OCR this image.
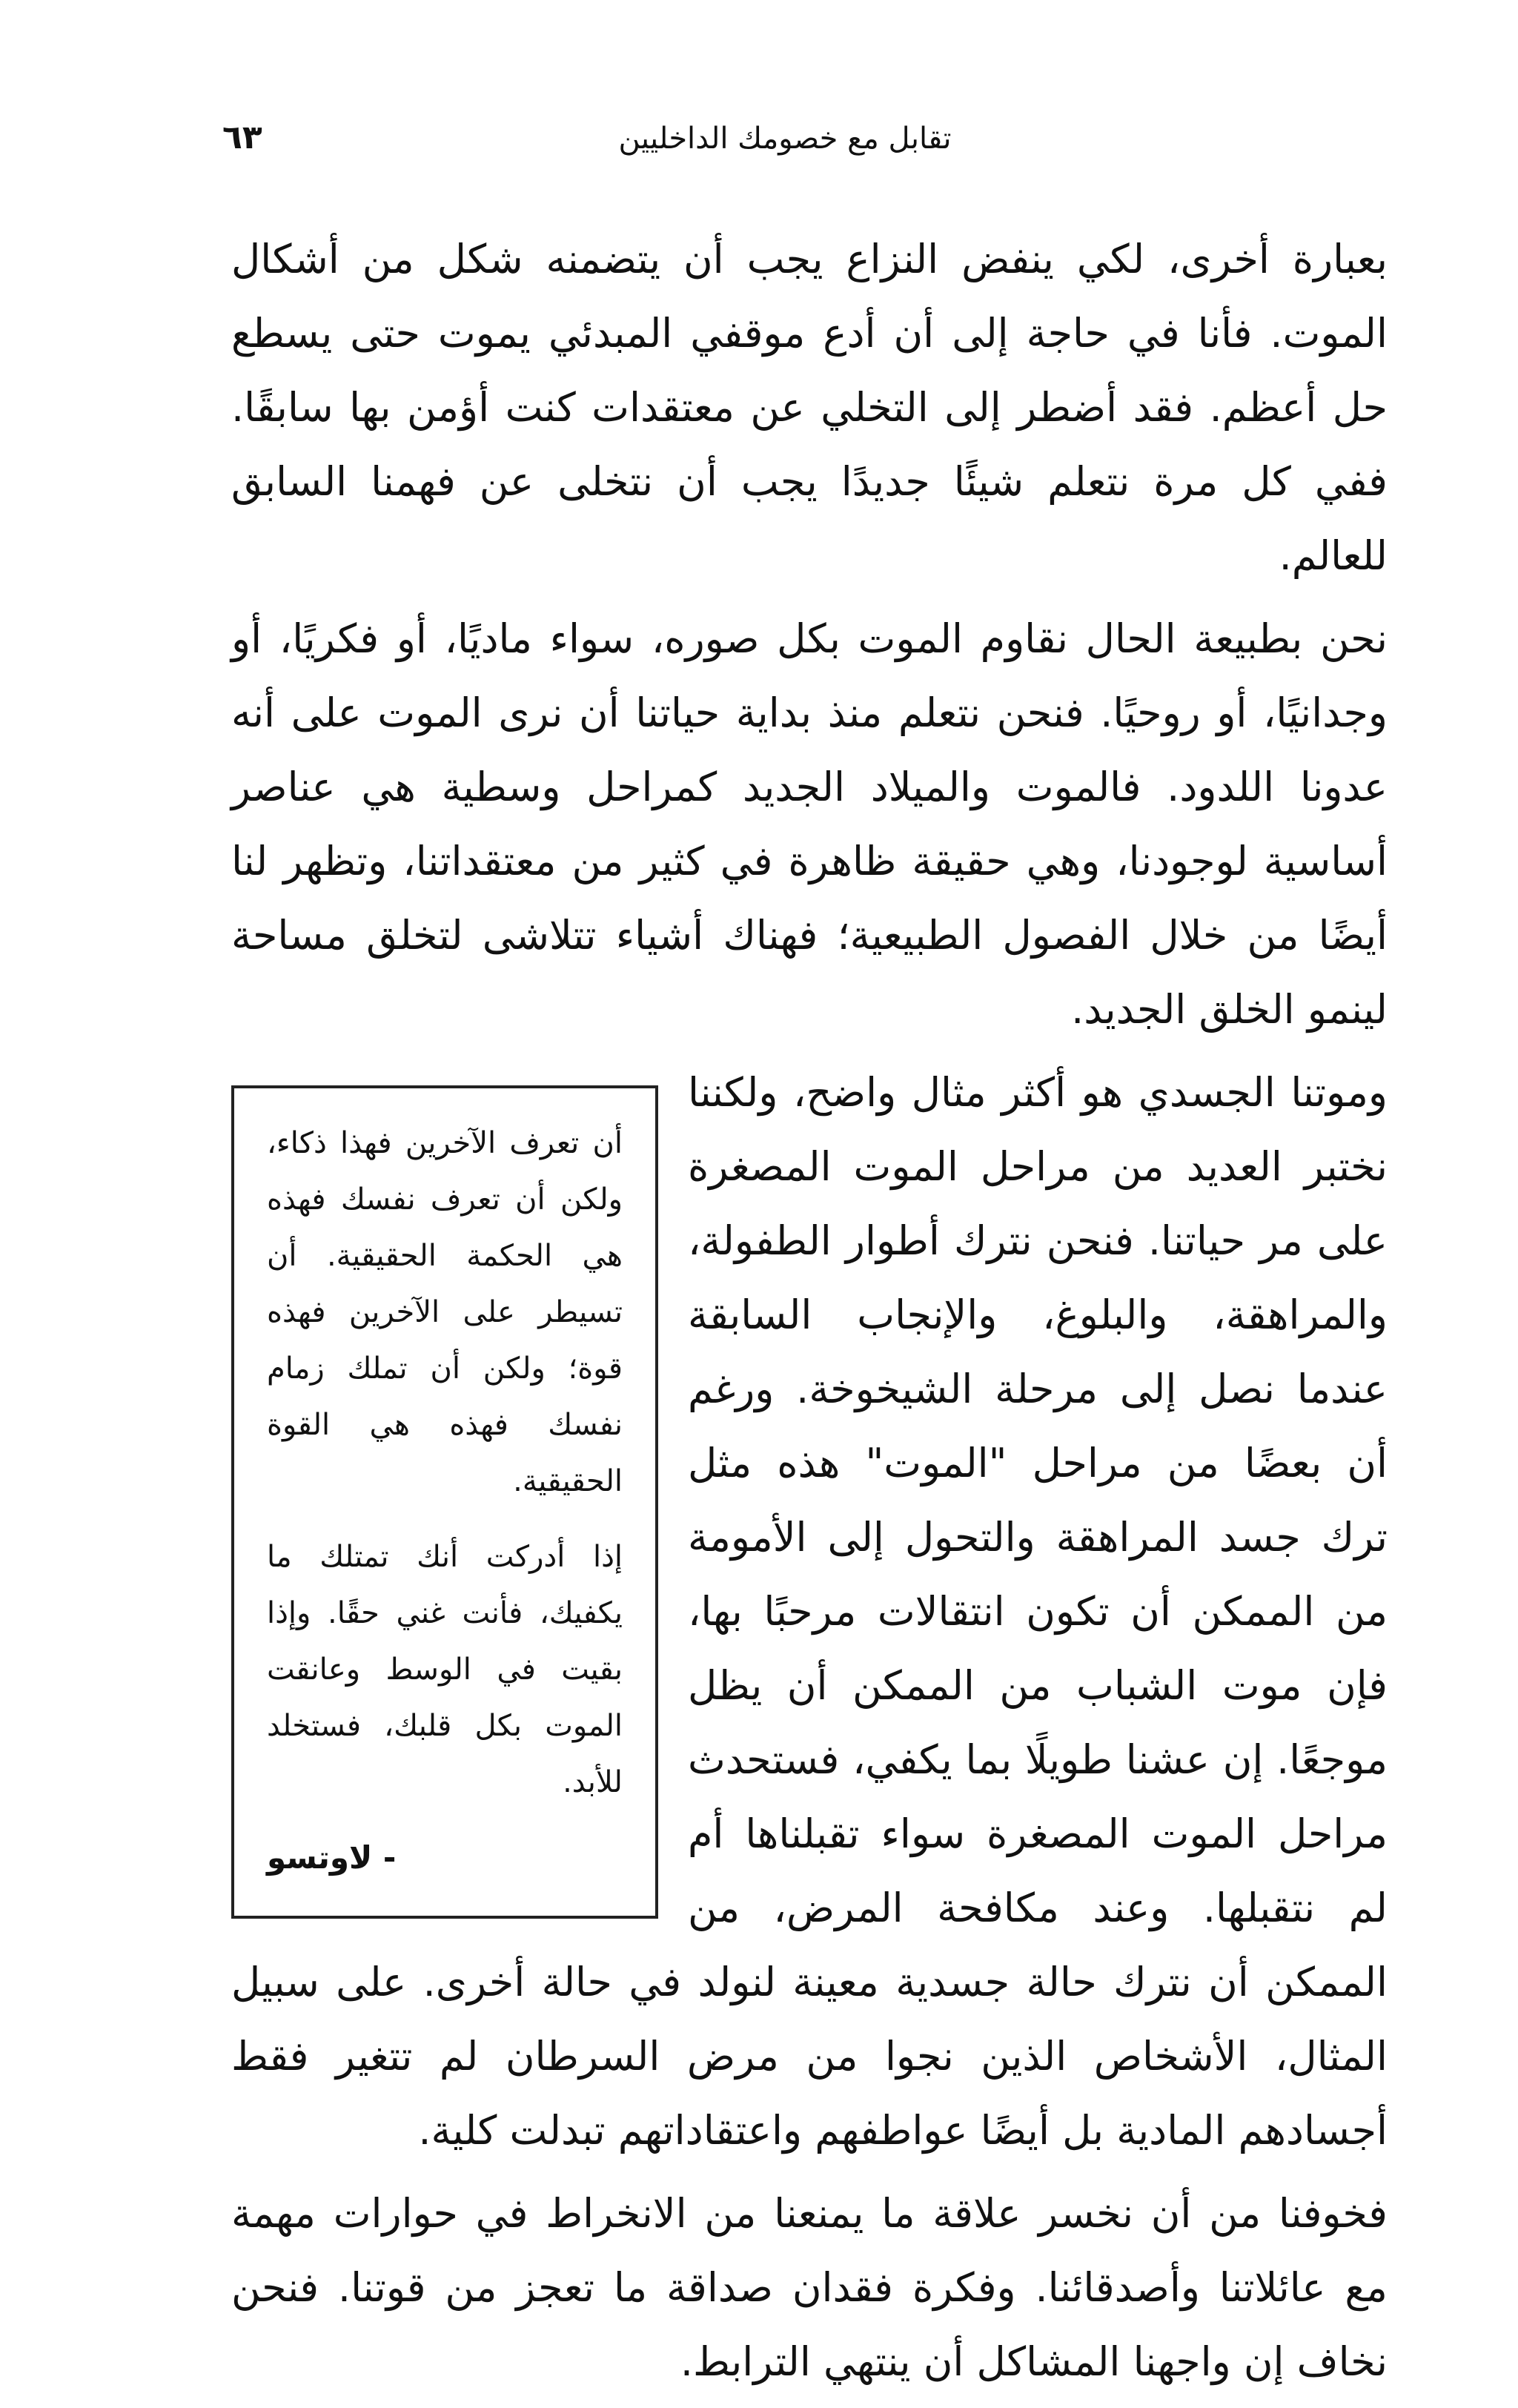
٦٣	تقابل مع خصومك الداخليين

بعبارة أخرى، لكي ينفض النزاع يجب أن يتضمنه شكل من أشكال الموت. فأنا في حاجة إلى أن أدع موقفي المبدئي يموت حتى يسطع حل أعظم. فقد أضطر إلى التخلي عن معتقدات كنت أؤمن بها سابقًا. ففي كل مرة نتعلم شيئًا جديدًا يجب أن نتخلى عن فهمنا السابق للعالم.

نحن بطبيعة الحال نقاوم الموت بكل صوره، سواء ماديًا، أو فكريًا، أو وجدانيًا، أو روحيًا. فنحن نتعلم منذ بداية حياتنا أن نرى الموت على أنه عدونا اللدود. فالموت والميلاد الجديد كمراحل وسطية هي عناصر أساسية لوجودنا، وهي حقيقة ظاهرة في كثير من معتقداتنا، وتظهر لنا أيضًا من خلال الفصول الطبيعية؛ فهناك أشياء تتلاشى لتخلق مساحة لينمو الخلق الجديد.

أن تعرف الآخرين فهذا ذكاء، ولكن أن تعرف نفسك فهذه هي الحكمة الحقيقية. أن تسيطر على الآخرين فهذه قوة؛ ولكن أن تملك زمام نفسك فهذه هي القوة الحقيقية.

إذا أدركت أنك تمتلك ما يكفيك، فأنت غني حقًا. وإذا بقيت في الوسط وعانقت الموت بكل قلبك، فستخلد للأبد.

- لاوتسو

وموتنا الجسدي هو أكثر مثال واضح، ولكننا نختبر العديد من مراحل الموت المصغرة على مر حياتنا. فنحن نترك أطوار الطفولة، والمراهقة، والبلوغ، والإنجاب السابقة عندما نصل إلى مرحلة الشيخوخة. ورغم أن بعضًا من مراحل "الموت" هذه مثل ترك جسد المراهقة والتحول إلى الأمومة من الممكن أن تكون انتقالات مرحبًا بها، فإن موت الشباب من الممكن أن يظل موجعًا. إن عشنا طويلًا بما يكفي، فستحدث مراحل الموت المصغرة سواء تقبلناها أم لم نتقبلها. وعند مكافحة المرض، من الممكن أن نترك حالة جسدية معينة لنولد في حالة أخرى. على سبيل المثال، الأشخاص الذين نجوا من مرض السرطان لم تتغير فقط أجسادهم المادية بل أيضًا عواطفهم واعتقاداتهم تبدلت كلية.

فخوفنا من أن نخسر علاقة ما يمنعنا من الانخراط في حوارات مهمة مع عائلاتنا وأصدقائنا. وفكرة فقدان صداقة ما تعجز من قوتنا. فنحن نخاف إن واجهنا المشاكل أن ينتهي الترابط.
